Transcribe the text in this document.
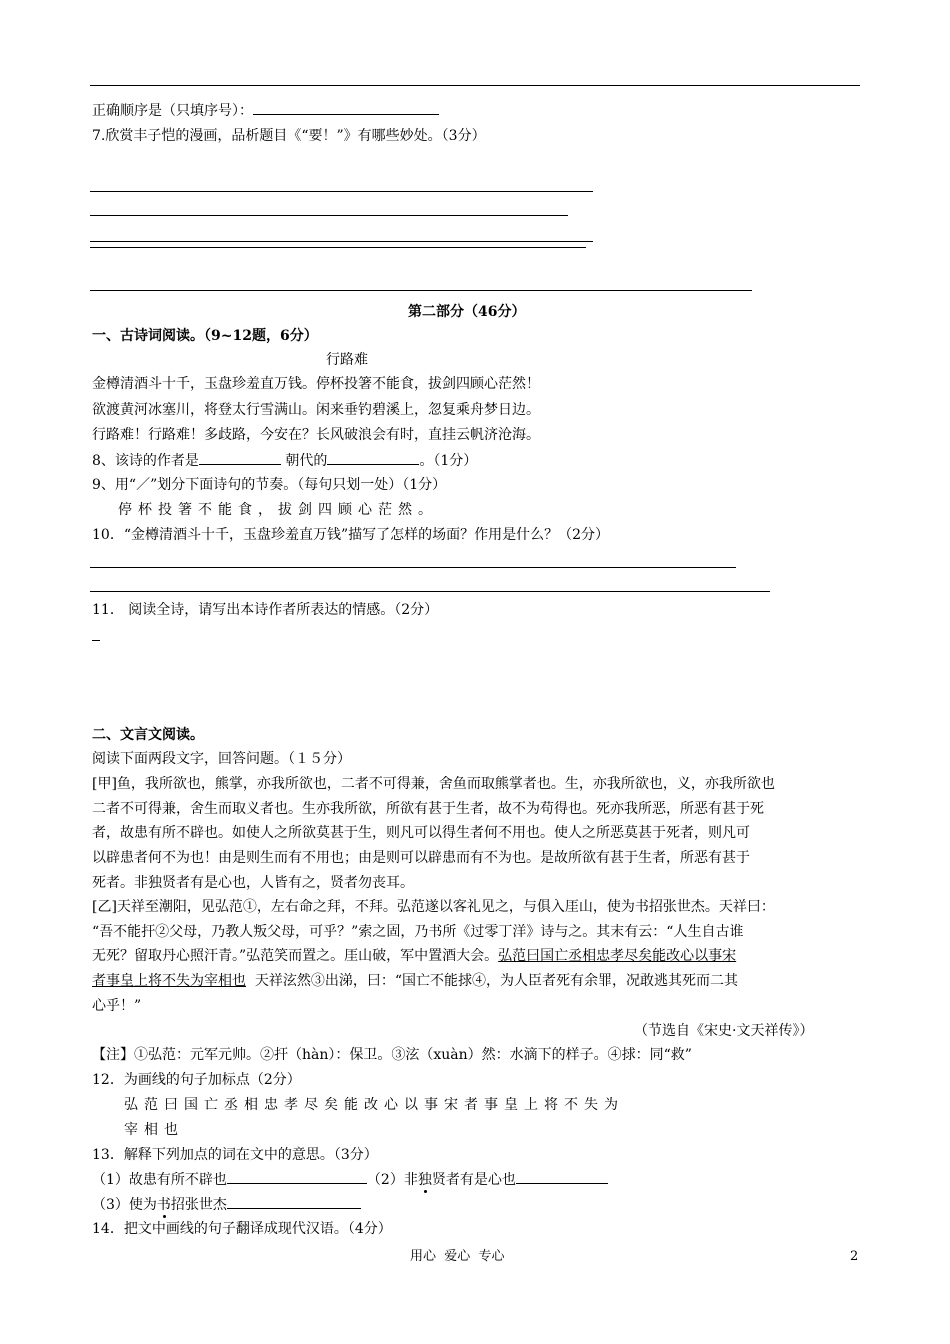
正确顺序是（只填序号）：
7.欣赏丰子恺的漫画，品析题目《“要！”》有哪些妙处。（3分）
第二部分（46分）
一、古诗词阅读。（9~12题，6分）
行路难
金樽清酒斗十千，玉盘珍羞直万钱。停杯投箸不能食，拔剑四顾心茫然！
欲渡黄河冰塞川，将登太行雪满山。闲来垂钓碧溪上，忽复乘舟梦日边。
行路难！行路难！多歧路，今安在？长风破浪会有时，直挂云帆济沧海。
8、该诗的作者是	朝代的	。（1分）
9、用“／”划分下面诗句的节奏。（每句只划一处）（1分）
停杯投箸不能食，拔剑四顾心茫然。
10．“金樽清酒斗十千，玉盘珍羞直万钱”描写了怎样的场面？作用是什么？（2分）
11． 阅读全诗，请写出本诗作者所表达的情感。（2分）
二、文言文阅读。
阅读下面两段文字，回答问题。（１５分）
[甲]鱼，我所欲也，熊掌，亦我所欲也，二者不可得兼，舍鱼而取熊掌者也。生，亦我所欲也，义，亦我所欲也
二者不可得兼，舍生而取义者也。生亦我所欲，所欲有甚于生者，故不为苟得也。死亦我所恶，所恶有甚于死
者，故患有所不辟也。如使人之所欲莫甚于生，则凡可以得生者何不用也。使人之所恶莫甚于死者，则凡可
以辟患者何不为也！由是则生而有不用也；由是则可以辟患而有不为也。是故所欲有甚于生者，所恶有甚于
死者。非独贤者有是心也，人皆有之，贤者勿丧耳。
[乙]天祥至潮阳，见弘范①，左右命之拜，不拜。弘范遂以客礼见之，与俱入厓山，使为书招张世杰。天祥曰：
“吾不能扞②父母，乃教人叛父母，可乎？”索之固，乃书所《过零丁洋》诗与之。其末有云：“人生自古谁
无死？留取丹心照汗青。”弘范笑而置之。厓山破，军中置酒大会。弘范曰国亡丞相忠孝尽矣能改心以事宋
者事皇上将不失为宰相也  天祥泫然③出涕，曰：“国亡不能捄④，为人臣者死有余罪，况敢逃其死而二其
心乎！”
（节选自《宋史·文天祥传》）
【注】①弘范：元军元帅。②扞（hàn）：保卫。③泫（xuàn）然：水滴下的样子。④捄：同“救”
12．为画线的句子加标点（2分）
弘范曰国亡丞相忠孝尽矣能改心以事宋者事皇上将不失为
宰相也
13．解释下列加点的词在文中的意思。（3分）
（1）故患有所不辟也	（2）非独贤者有是心也
（3）使为书招张世杰
14．把文中画线的句子翻译成现代汉语。（4分）
用心  爱心  专心	2
